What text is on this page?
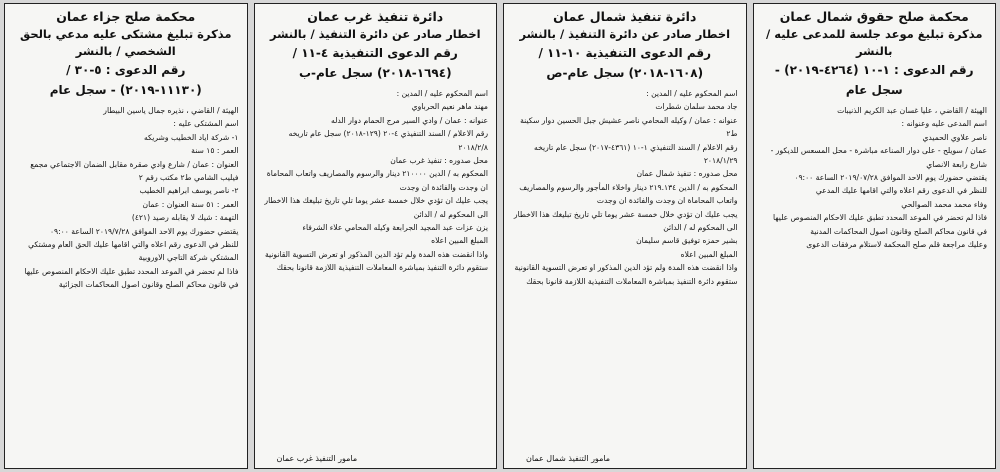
محكمة صلح حقوق شمال عمان
مذكرة تبليغ موعد جلسة للمدعى عليه / بالنشر
رقم الدعوى : ١-١٠ (٤٢٦٤-٢٠١٩) -
سجل عام

الهيئة / القاضي ، عليا غسان عبد الكريم الذنيبات

اسم المدعى عليه وعنوانه :

ناصر علاوي الحميدي

عمان / سويلح - على دوار الصناعه مباشرة - محل المسعس للديكور - شارع رابعة الانصاي

يقتضي حضورك يوم الاحد الموافق ٢٠١٩/٠٧/٢٨ الساعة ٠٩:٠٠

للنظر في الدعوى رقم اعلاه والتي اقامها عليك المدعي

وفاء محمد محمد الصوالحي

فاذا لم تحضر في الموعد المحدد تطبق عليك الاحكام المنصوص عليها في قانون محاكم الصلح وقانون اصول المحاكمات المدنية

وعليك مراجعة قلم صلح المحكمة لاستلام مرفقات الدعوى

دائرة تنفيذ شمال عمان
اخطار صادر عن دائرة التنفيذ / بالنشر
رقم الدعوى التنفيذية ١٠-١١ /
(١٦٠٨-٢٠١٨) سجل عام-ص

اسم المحكوم عليه / المدين :

جاد محمد سلمان شطرات

عنوانه : عمان / وكيله المحامي ناصر عشيش جبل الحسين دوار سكينة ط٢

رقم الاعلام / السند التنفيذي ١-١٠ (٤٣٦١-٢٠١٧) سجل عام تاريخه ٢٠١٨/١/٢٩

محل صدوره : تنفيذ شمال عمان

المحكوم به / الدين ٢١٩.١٣٤ دينار واخلاء المأجور والرسوم والمصاريف واتعاب المحاماة ان وجدت والفائدة ان وجدت

يجب عليك ان تؤدي خلال خمسة عشر يوما تلي تاريخ تبليغك هذا الاخطار الى المحكوم له / الدائن

بشير حمزه توفيق قاسم سليمان

المبلغ المبين اعلاه

واذا انقضت هذه المدة ولم تؤد الدين المذكور او تعرض التسوية القانونية ستقوم دائرة التنفيذ بمباشرة المعاملات التنفيذية اللازمة قانونا بحقك

مامور التنفيذ شمال عمان
دائرة تنفيذ غرب عمان
اخطار صادر عن دائرة التنفيذ / بالنشر
رقم الدعوى التنفيذية ٤-١١ /
(١٦٩٤-٢٠١٨) سجل عام-ب

اسم المحكوم عليه / المدين :

مهند ماهر نعيم الحرباوي

عنوانه : عمان / وادي السير مرج الحمام دوار الدله

رقم الاعلام / السند التنفيذي ٤-٢٠ (١٢٩-٢٠١٨) سجل عام تاريخه ٢٠١٨/٢/٨

محل صدوره : تنفيذ غرب عمان

المحكوم به / الدين ٢١٠٠٠٠ دينار والرسوم والمصاريف واتعاب المحاماة ان وجدت والفائدة ان وجدت

يجب عليك ان تؤدي خلال خمسة عشر يوما تلي تاريخ تبليغك هذا الاخطار الى المحكوم له / الدائن

يزن عزات عبد المجيد الجرابعة وكيله المحامي علاء الشرفاء

المبلغ المبين اعلاه

واذا انقضت هذه المدة ولم تؤد الدين المذكور او تعرض التسوية القانونية ستقوم دائرة التنفيذ بمباشرة المعاملات التنفيذية اللازمة قانونا بحقك

مامور التنفيذ غرب عمان
محكمة صلح جزاء عمان
مذكرة تبليغ مشتكى عليه مدعي بالحق الشخصي / بالنشر
رقم الدعوى : ٥-٣٠ /
(١١١٣٠-٢٠١٩) - سجل عام

الهيئة / القاضي ، نذيره جمال ياسين البيطار

اسم المشتكى عليه :

١- شركة اياد الخطيب وشريكه

العمر : ١٥ سنة

العنوان : عمان / شارع وادي صقرة مقابل الضمان الاجتماعي مجمع فيليب الشامي ط٢ مكتب رقم ٢

٢- ناصر يوسف ابراهيم الخطيب

العمر : ٥١ سنة العنوان : عمان

التهمة : شيك لا يقابله رصيد (٤٢١)

يقتضي حضورك يوم الاحد الموافق ٢٠١٩/٧/٢٨ الساعة ٠٩:٠٠

للنظر في الدعوى رقم اعلاه والتي اقامها عليك الحق العام ومشتكي المشتكي شركة التاجي الاوروبية

فاذا لم تحضر في الموعد المحدد تطبق عليك الاحكام المنصوص عليها في قانون محاكم الصلح وقانون اصول المحاكمات الجزائية
